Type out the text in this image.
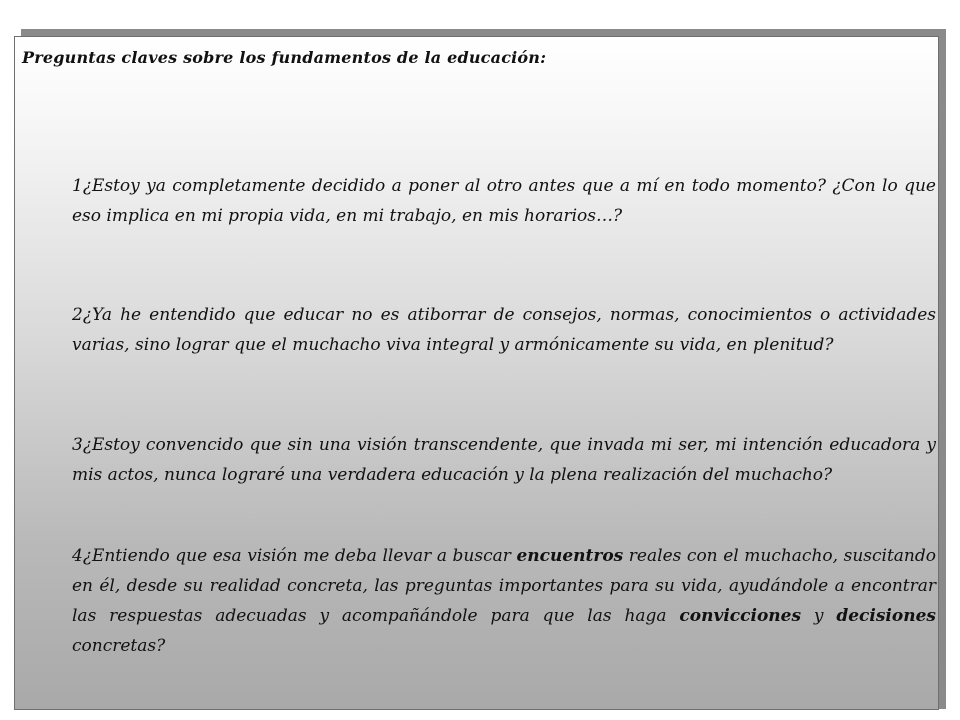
Preguntas claves sobre los fundamentos de la educación:

1¿Estoy ya completamente decidido a poner al otro antes que a mí en todo momento? ¿Con lo que eso implica en mi propia vida, en mi trabajo, en mis horarios…?

2¿Ya he entendido que educar no es atiborrar de consejos, normas, conocimientos o actividades varias, sino lograr que el muchacho viva integral y armónicamente su vida, en plenitud?

3¿Estoy convencido que sin una visión transcendente, que invada mi ser, mi intención educadora y mis actos, nunca lograré una verdadera educación y la plena realización del muchacho?

4¿Entiendo que esa visión me deba llevar a buscar encuentros reales con el muchacho, suscitando en él, desde su realidad concreta, las preguntas importantes para su vida, ayudándole a encontrar las respuestas adecuadas y acompañándole para que las haga convicciones y decisiones concretas?
